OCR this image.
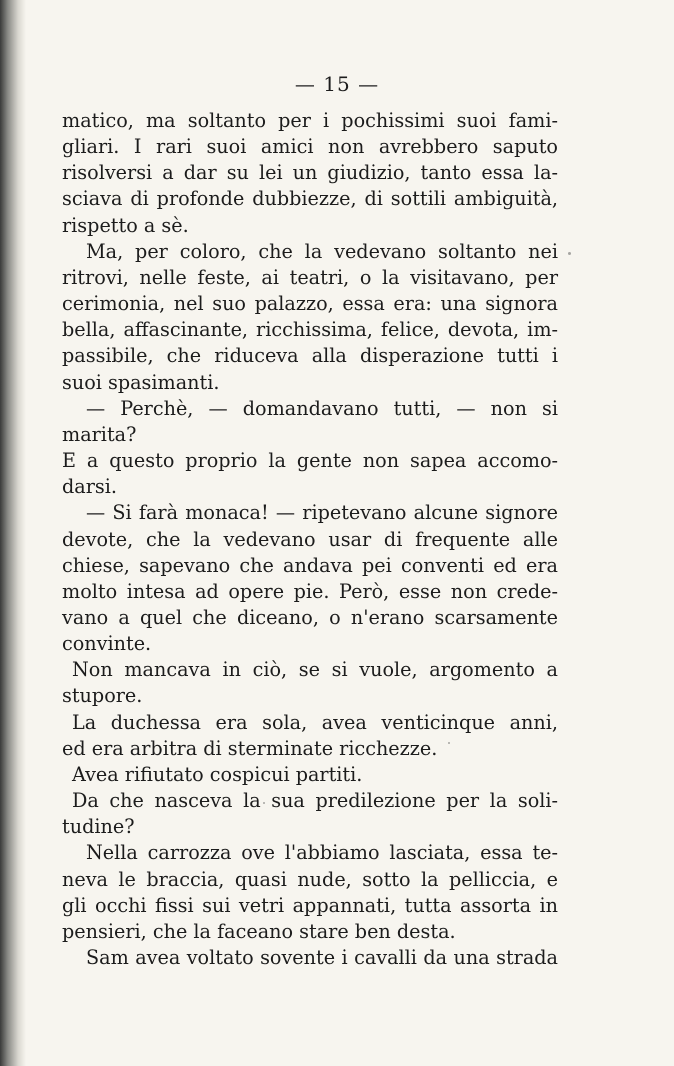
— 15 —

matico, ma soltanto per i pochissimi suoi fami-
gliari. I rari suoi amici non avrebbero saputo
risolversi a dar su lei un giudizio, tanto essa la-
sciava di profonde dubbiezze, di sottili ambiguità,
rispetto a sè.

Ma, per coloro, che la vedevano soltanto nei
ritrovi, nelle feste, ai teatri, o la visitavano, per
cerimonia, nel suo palazzo, essa era: una signora
bella, affascinante, ricchissima, felice, devota, im-
passibile, che riduceva alla disperazione tutti i
suoi spasimanti.

— Perchè, — domandavano tutti, — non si
marita?

E a questo proprio la gente non sapea accomo-
darsi.

— Si farà monaca! — ripetevano alcune signore
devote, che la vedevano usar di frequente alle
chiese, sapevano che andava pei conventi ed era
molto intesa ad opere pie. Però, esse non crede-
vano a quel che diceano, o n'erano scarsamente
convinte.

Non mancava in ciò, se si vuole, argomento a
stupore.

La duchessa era sola, avea venticinque anni,
ed era arbitra di sterminate ricchezze.

Avea rifiutato cospicui partiti.

Da che nasceva la sua predilezione per la soli-
tudine?

Nella carrozza ove l'abbiamo lasciata, essa te-
neva le braccia, quasi nude, sotto la pelliccia, e
gli occhi fissi sui vetri appannati, tutta assorta in
pensieri, che la faceano stare ben desta.

Sam avea voltato sovente i cavalli da una strada
